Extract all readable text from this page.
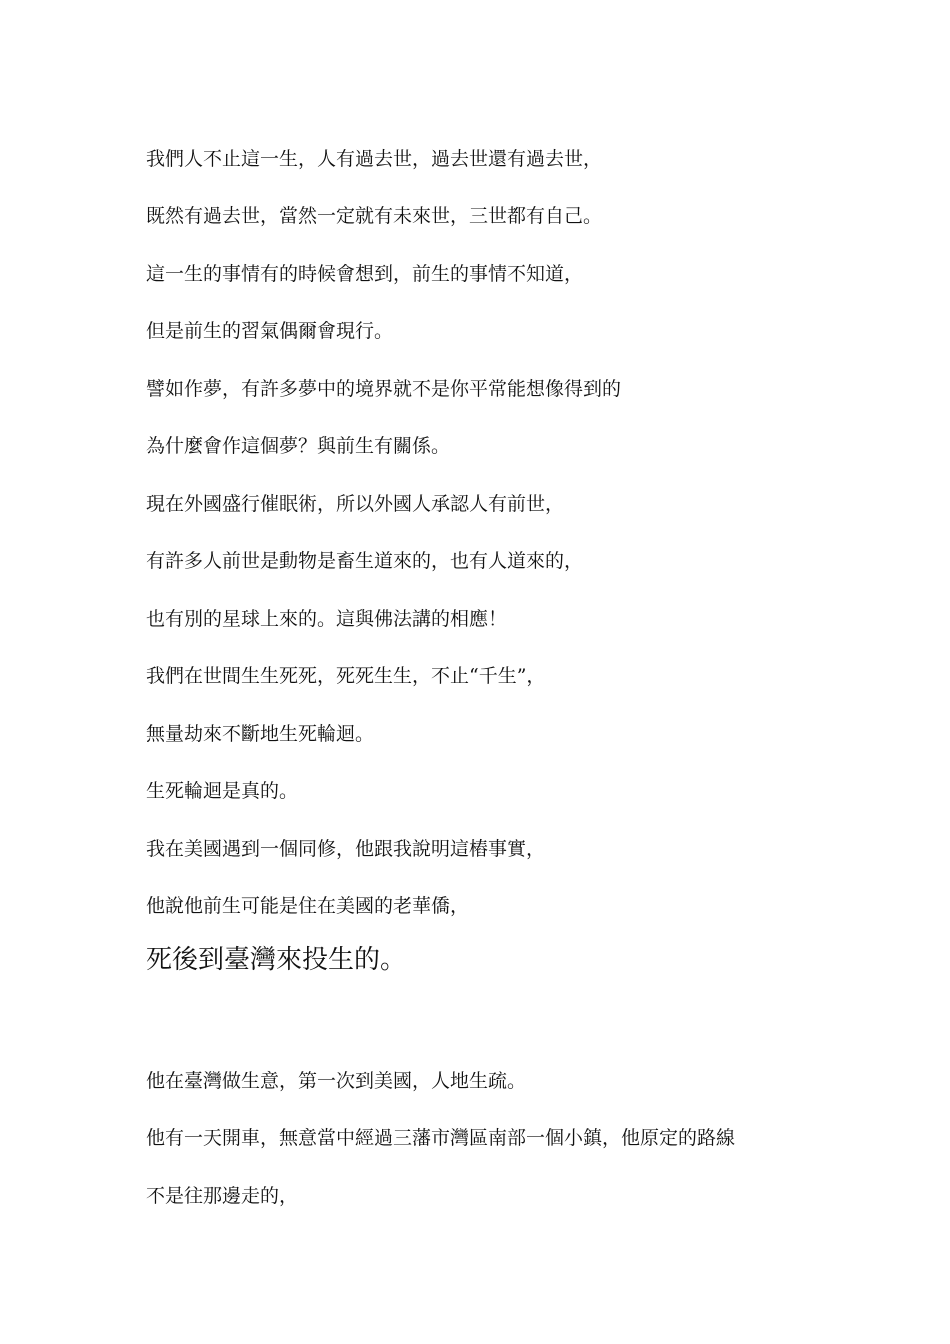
我們人不止這一生，人有過去世，過去世還有過去世，
既然有過去世，當然一定就有未來世，三世都有自己。
這一生的事情有的時候會想到，前生的事情不知道，
但是前生的習氣偶爾會現行。
譬如作夢，有許多夢中的境界就不是你平常能想像得到的
為什麼會作這個夢？與前生有關係。
現在外國盛行催眠術，所以外國人承認人有前世，
有許多人前世是動物是畜生道來的，也有人道來的，
也有別的星球上來的。這與佛法講的相應！
我們在世間生生死死，死死生生，不止“千生”，
無量劫來不斷地生死輪迴。
生死輪迴是真的。
我在美國遇到一個同修，他跟我說明這樁事實，
他說他前生可能是住在美國的老華僑，
死後到臺灣來投生的。
他在臺灣做生意，第一次到美國，人地生疏。
他有一天開車，無意當中經過三藩市灣區南部一個小鎮，他原定的路線
不是往那邊走的，
